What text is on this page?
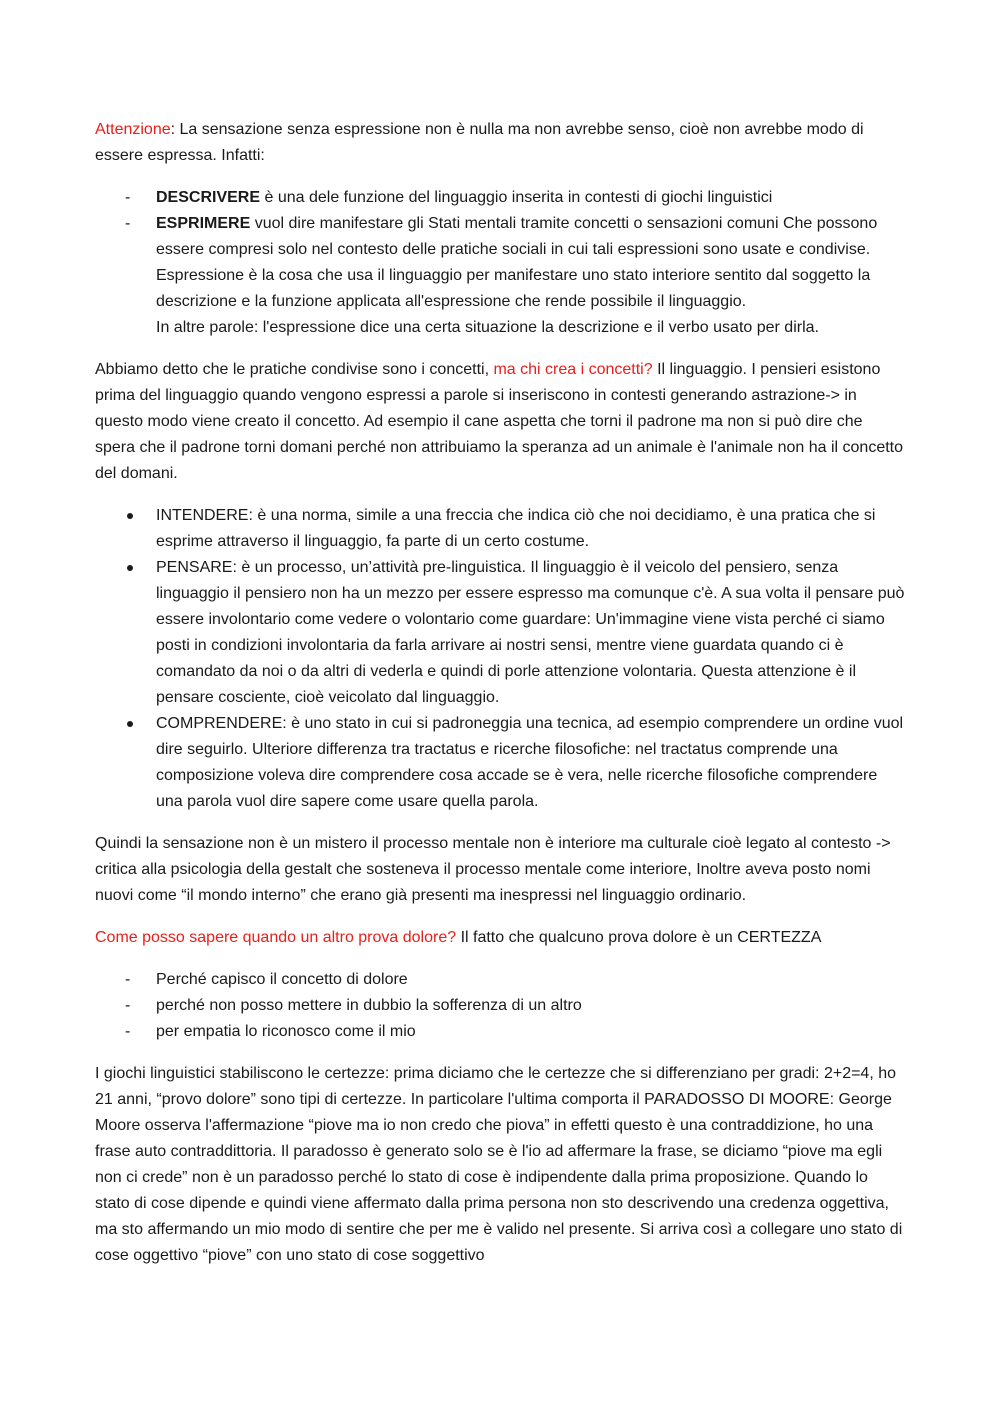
Attenzione: La sensazione senza espressione non è nulla ma non avrebbe senso, cioè non avrebbe modo di essere espressa. Infatti:

-	DESCRIVERE è una dele funzione del linguaggio inserita in contesti di giochi linguistici
-	ESPRIMERE vuol dire manifestare gli Stati mentali tramite concetti o sensazioni comuni Che possono essere compresi solo nel contesto delle pratiche sociali in cui tali espressioni sono usate e condivise. Espressione è la cosa che usa il linguaggio per manifestare uno stato interiore sentito dal soggetto la descrizione e la funzione applicata all'espressione che rende possibile il linguaggio.
In altre parole: l'espressione dice una certa situazione la descrizione e il verbo usato per dirla.

Abbiamo detto che le pratiche condivise sono i concetti, ma chi crea i concetti? Il linguaggio. I pensieri esistono prima del linguaggio quando vengono espressi a parole si inseriscono in contesti generando astrazione-> in questo modo viene creato il concetto. Ad esempio il cane aspetta che torni il padrone ma non si può dire che spera che il padrone torni domani perché non attribuiamo la speranza ad un animale è l'animale non ha il concetto del domani.

INTENDERE: è una norma, simile a una freccia che indica ciò che noi decidiamo, è una pratica che si esprime attraverso il linguaggio, fa parte di un certo costume.
PENSARE: è un processo, un’attività pre-linguistica. Il linguaggio è il veicolo del pensiero, senza linguaggio il pensiero non ha un mezzo per essere espresso ma comunque c'è. A sua volta il pensare può essere involontario come vedere o volontario come guardare: Un'immagine viene vista perché ci siamo posti in condizioni involontaria da farla arrivare ai nostri sensi, mentre viene guardata quando ci è comandato da noi o da altri di vederla e quindi di porle attenzione volontaria. Questa attenzione è il pensare cosciente, cioè veicolato dal linguaggio.
COMPRENDERE: è uno stato in cui si padroneggia una tecnica, ad esempio comprendere un ordine vuol dire seguirlo. Ulteriore differenza tra tractatus e ricerche filosofiche: nel tractatus comprende una composizione voleva dire comprendere cosa accade se è vera, nelle ricerche filosofiche comprendere una parola vuol dire sapere come usare quella parola.

Quindi la sensazione non è un mistero il processo mentale non è interiore ma culturale cioè legato al contesto -> critica alla psicologia della gestalt che sosteneva il processo mentale come interiore, Inoltre aveva posto nomi nuovi come “il mondo interno” che erano già presenti ma inespressi nel linguaggio ordinario.

Come posso sapere quando un altro prova dolore? Il fatto che qualcuno prova dolore è un CERTEZZA

-	Perché capisco il concetto di dolore
-	perché non posso mettere in dubbio la sofferenza di un altro
-	per empatia lo riconosco come il mio

I giochi linguistici stabiliscono le certezze: prima diciamo che le certezze che si differenziano per gradi: 2+2=4, ho 21 anni, “provo dolore” sono tipi di certezze. In particolare l'ultima comporta il PARADOSSO DI MOORE: George Moore osserva l'affermazione “piove ma io non credo che piova” in effetti questo è una contraddizione, ho una frase auto contraddittoria. Il paradosso è generato solo se è l'io ad affermare la frase, se diciamo “piove ma egli non ci crede” non è un paradosso perché lo stato di cose è indipendente dalla prima proposizione. Quando lo stato di cose dipende e quindi viene affermato dalla prima persona non sto descrivendo una credenza oggettiva, ma sto affermando un mio modo di sentire che per me è valido nel presente. Si arriva così a collegare uno stato di cose oggettivo “piove” con uno stato di cose soggettivo
